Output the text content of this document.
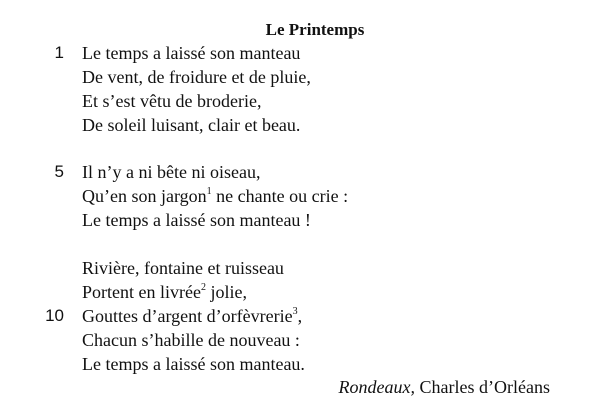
Le Printemps
1 Le temps a laissé son manteau
De vent, de froidure et de pluie,
Et s’est vêtu de broderie,
De soleil luisant, clair et beau.
5 Il n’y a ni bête ni oiseau,
Qu’en son jargon$^1$ ne chante ou crie :
Le temps a laissé son manteau !
Rivière, fontaine et ruisseau
Portent en livrée$^2$ jolie,
10 Gouttes d’argent d’orfèvrerie$^3$,
Chacun s’habille de nouveau :
Le temps a laissé son manteau.
Rondeaux, Charles d’Orléans
